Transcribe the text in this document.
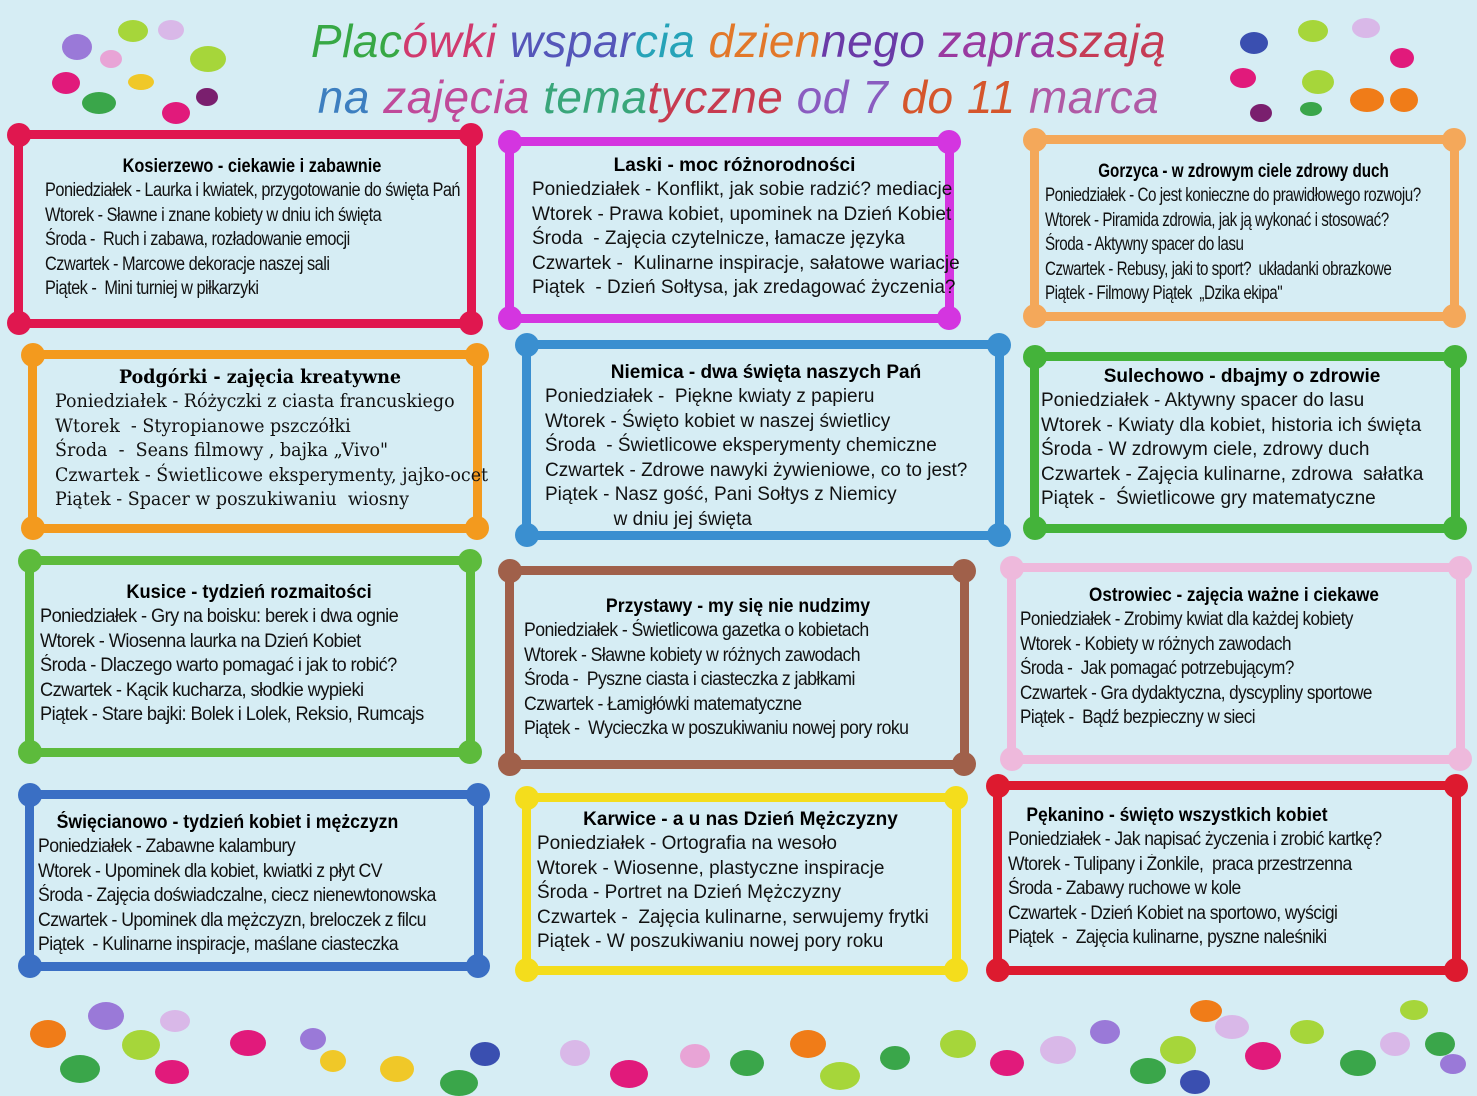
Placówki wsparcia dziennego zapraszają
na zajęcia tematyczne od 7 do 11 marca

Kosierzewo - ciekawie i zabawnie

Poniedziałek - Laurka i kwiatek, przygotowanie do święta Pań
Wtorek - Sławne i znane kobiety w dniu ich święta
Środa -  Ruch i zabawa, rozładowanie emocji
Czwartek - Marcowe dekoracje naszej sali
Piątek -  Mini turniej w piłkarzyki

Laski - moc różnorodności

Poniedziałek - Konflikt, jak sobie radzić? mediacje
Wtorek - Prawa kobiet, upominek na Dzień Kobiet
Środa  - Zajęcia czytelnicze, łamacze języka
Czwartek -  Kulinarne inspiracje, sałatowe wariacje
Piątek  - Dzień Sołtysa, jak zredagować życzenia?

Gorzyca - w zdrowym ciele zdrowy duch

Poniedziałek - Co jest konieczne do prawidłowego rozwoju?
Wtorek - Piramida zdrowia, jak ją wykonać i stosować?
Środa - Aktywny spacer do lasu
Czwartek - Rebusy, jaki to sport?  układanki obrazkowe
Piątek - Filmowy Piątek  „Dzika ekipa"

Podgórki - zajęcia kreatywne

Poniedziałek - Różyczki z ciasta francuskiego
Wtorek  - Styropianowe pszczółki
Środa  -  Seans filmowy , bajka „Vivo"
Czwartek - Świetlicowe eksperymenty, jajko-ocet
Piątek - Spacer w poszukiwaniu  wiosny

Niemica - dwa święta naszych Pań

Poniedziałek -  Piękne kwiaty z papieru
Wtorek - Święto kobiet w naszej świetlicy
Środa  - Świetlicowe eksperymenty chemiczne
Czwartek - Zdrowe nawyki żywieniowe, co to jest?
Piątek - Nasz gość, Pani Sołtys z Niemicy
w dniu jej święta

Sulechowo - dbajmy o zdrowie

Poniedziałek - Aktywny spacer do lasu
Wtorek - Kwiaty dla kobiet, historia ich święta
Środa - W zdrowym ciele, zdrowy duch
Czwartek - Zajęcia kulinarne, zdrowa  sałatka
Piątek -  Świetlicowe gry matematyczne

Kusice - tydzień rozmaitości

Poniedziałek - Gry na boisku: berek i dwa ognie
Wtorek - Wiosenna laurka na Dzień Kobiet
Środa - Dlaczego warto pomagać i jak to robić?
Czwartek - Kącik kucharza, słodkie wypieki
Piątek - Stare bajki: Bolek i Lolek, Reksio, Rumcajs

Przystawy - my się nie nudzimy

Poniedziałek - Świetlicowa gazetka o kobietach
Wtorek - Sławne kobiety w różnych zawodach
Środa -  Pyszne ciasta i ciasteczka z jabłkami
Czwartek - Łamigłówki matematyczne
Piątek -  Wycieczka w poszukiwaniu nowej pory roku

Ostrowiec - zajęcia ważne i ciekawe

Poniedziałek - Zrobimy kwiat dla każdej kobiety
Wtorek - Kobiety w różnych zawodach
Środa -  Jak pomagać potrzebującym?
Czwartek - Gra dydaktyczna, dyscypliny sportowe
Piątek -  Bądź bezpieczny w sieci

Święcianowo - tydzień kobiet i mężczyzn

Poniedziałek - Zabawne kalambury
Wtorek - Upominek dla kobiet, kwiatki z płyt CV
Środa - Zajęcia doświadczalne, ciecz nienewtonowska
Czwartek - Upominek dla mężczyzn, breloczek z filcu
Piątek  - Kulinarne inspiracje, maślane ciasteczka

Karwice - a u nas Dzień Mężczyzny

Poniedziałek - Ortografia na wesoło
Wtorek - Wiosenne, plastyczne inspiracje
Środa - Portret na Dzień Mężczyzny
Czwartek -  Zajęcia kulinarne, serwujemy frytki
Piątek - W poszukiwaniu nowej pory roku

Pękanino - święto wszystkich kobiet

Poniedziałek - Jak napisać życzenia i zrobić kartkę?
Wtorek - Tulipany i Żonkile,  praca przestrzenna
Środa - Zabawy ruchowe w kole
Czwartek - Dzień Kobiet na sportowo, wyścigi
Piątek  -  Zajęcia kulinarne, pyszne naleśniki
